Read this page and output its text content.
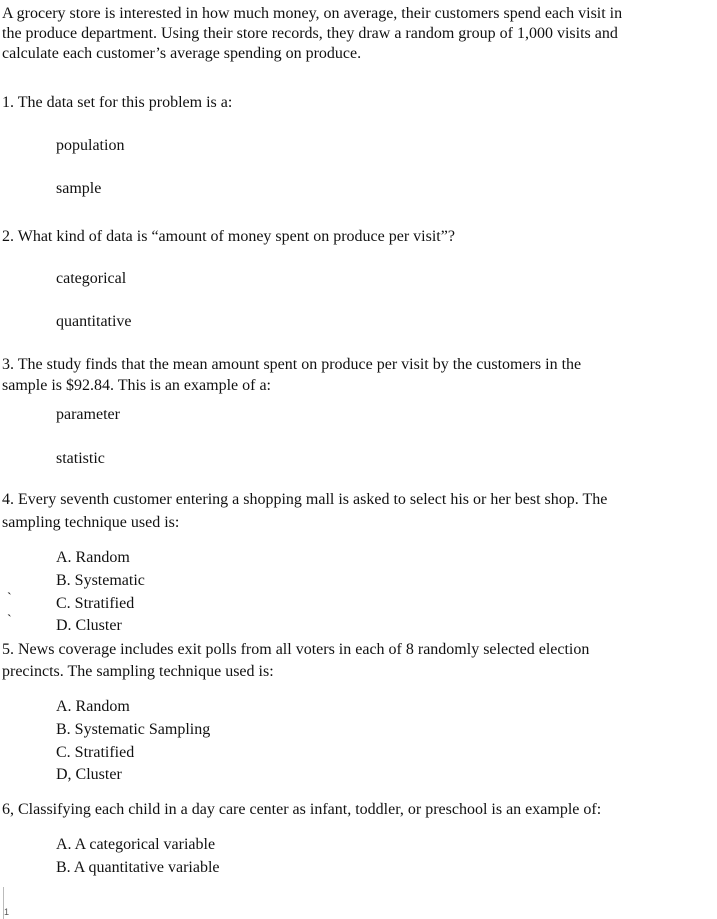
A grocery store is interested in how much money, on average, their customers spend each visit in
the produce department. Using their store records, they draw a random group of 1,000 visits and
calculate each customer’s average spending on produce.
1. The data set for this problem is a:
population
sample
2. What kind of data is “amount of money spent on produce per visit”?
categorical
quantitative
3. The study finds that the mean amount spent on produce per visit by the customers in the
sample is $92.84. This is an example of a:
parameter
statistic
4. Every seventh customer entering a shopping mall is asked to select his or her best shop. The
sampling technique used is:
A. Random
B. Systematic
C. Stratified
D. Cluster
`
`
5. News coverage includes exit polls from all voters in each of 8 randomly selected election
precincts. The sampling technique used is:
A. Random
B. Systematic Sampling
C. Stratified
D, Cluster
6, Classifying each child in a day care center as infant, toddler, or preschool is an example of:
A. A categorical variable
B. A quantitative variable
1
